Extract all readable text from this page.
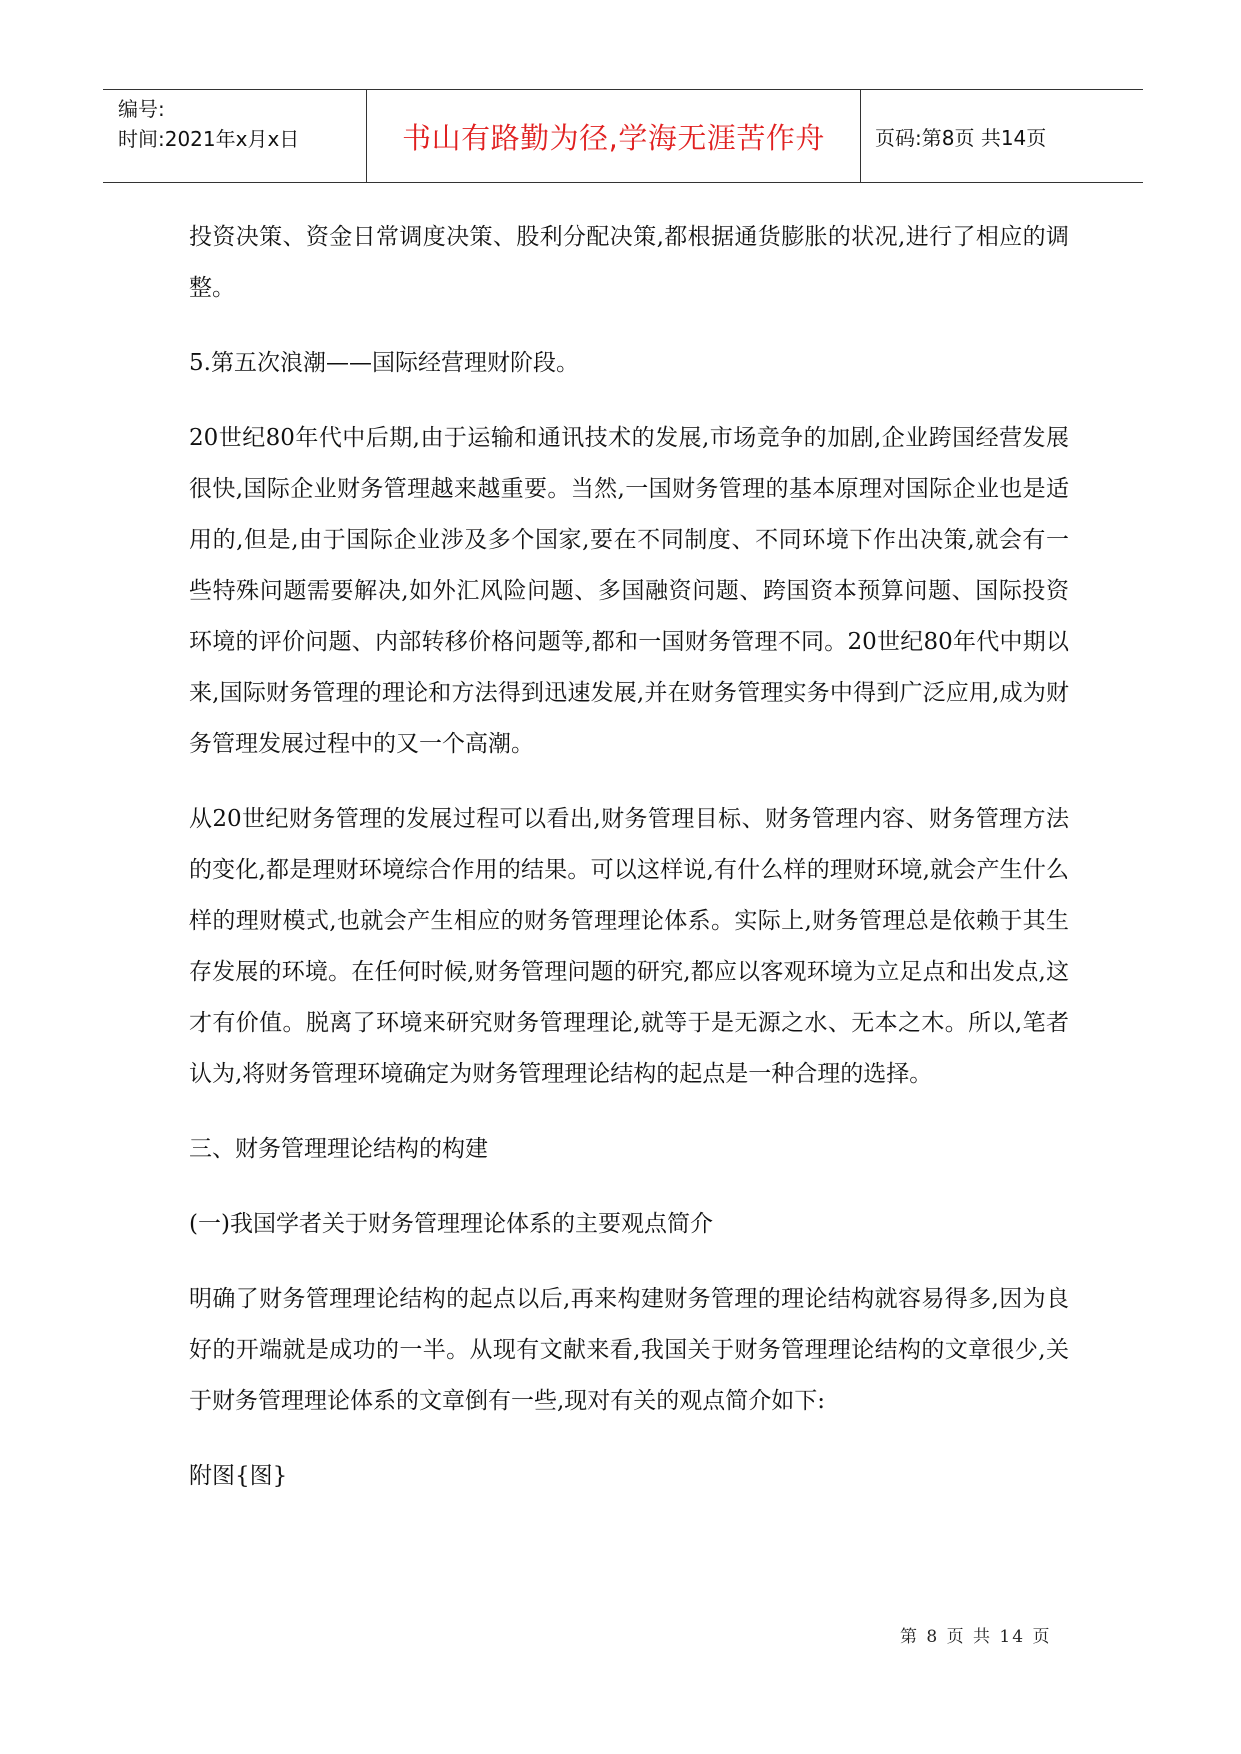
编号:
时间:2021年x月x日	书山有路勤为径,学海无涯苦作舟	页码:第8页 共14页

投资决策、资金日常调度决策、股利分配决策,都根据通货膨胀的状况,进行了相应的调整。

5.第五次浪潮——国际经营理财阶段。

20世纪80年代中后期,由于运输和通讯技术的发展,市场竞争的加剧,企业跨国经营发展很快,国际企业财务管理越来越重要。当然,一国财务管理的基本原理对国际企业也是适用的,但是,由于国际企业涉及多个国家,要在不同制度、不同环境下作出决策,就会有一些特殊问题需要解决,如外汇风险问题、多国融资问题、跨国资本预算问题、国际投资环境的评价问题、内部转移价格问题等,都和一国财务管理不同。20世纪80年代中期以来,国际财务管理的理论和方法得到迅速发展,并在财务管理实务中得到广泛应用,成为财务管理发展过程中的又一个高潮。

从20世纪财务管理的发展过程可以看出,财务管理目标、财务管理内容、财务管理方法的变化,都是理财环境综合作用的结果。可以这样说,有什么样的理财环境,就会产生什么样的理财模式,也就会产生相应的财务管理理论体系。实际上,财务管理总是依赖于其生存发展的环境。在任何时候,财务管理问题的研究,都应以客观环境为立足点和出发点,这才有价值。脱离了环境来研究财务管理理论,就等于是无源之水、无本之木。所以,笔者认为,将财务管理环境确定为财务管理理论结构的起点是一种合理的选择。

三、财务管理理论结构的构建

(一)我国学者关于财务管理理论体系的主要观点简介

明确了财务管理理论结构的起点以后,再来构建财务管理的理论结构就容易得多,因为良好的开端就是成功的一半。从现有文献来看,我国关于财务管理理论结构的文章很少,关于财务管理理论体系的文章倒有一些,现对有关的观点简介如下:

附图{图}

第 8 页 共 14 页
